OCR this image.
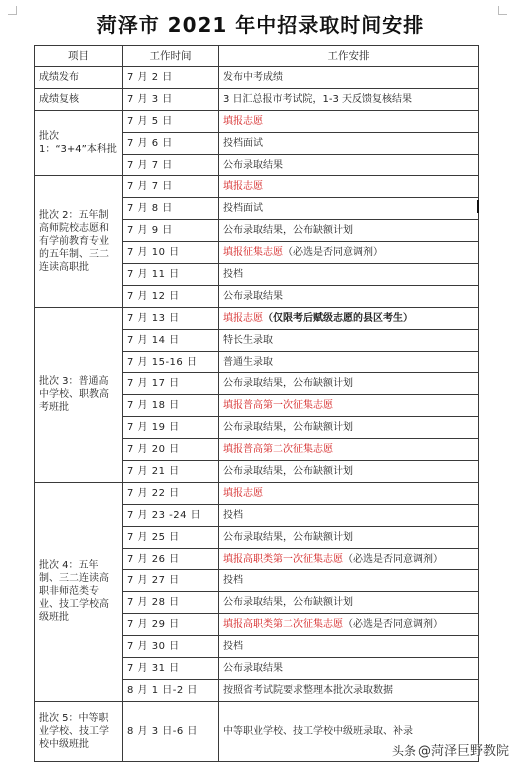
菏泽市 2021 年中招录取时间安排
项目	工作时间	工作安排
成绩发布	7 月 2 日	发布中考成绩
成绩复核	7 月 3 日	3 日汇总报市考试院，1-3 天反馈复核结果
批次 1：“3+4”本科批	7 月 5 日	填报志愿
	7 月 6 日	投档面试
	7 月 7 日	公布录取结果
批次 2：五年制高师院校志愿和有学前教育专业的五年制、三二连读高职批	7 月 7 日	填报志愿
	7 月 8 日	投档面试
	7 月 9 日	公布录取结果，公布缺额计划
	7 月 10 日	填报征集志愿（必选是否同意调剂）
	7 月 11 日	投档
	7 月 12 日	公布录取结果
批次 3：普通高中学校、职教高考班批	7 月 13 日	填报志愿（仅限考后赋级志愿的县区考生）
	7 月 14 日	特长生录取
	7 月 15-16 日	普通生录取
	7 月 17 日	公布录取结果，公布缺额计划
	7 月 18 日	填报普高第一次征集志愿
	7 月 19 日	公布录取结果，公布缺额计划
	7 月 20 日	填报普高第二次征集志愿
	7 月 21 日	公布录取结果，公布缺额计划
批次 4：五年制、三二连读高职非师范类专业、技工学校高级班批	7 月 22 日	填报志愿
	7 月 23 -24 日	投档
	7 月 25 日	公布录取结果，公布缺额计划
	7 月 26 日	填报高职类第一次征集志愿（必选是否同意调剂）
	7 月 27 日	投档
	7 月 28 日	公布录取结果，公布缺额计划
	7 月 29 日	填报高职类第二次征集志愿（必选是否同意调剂）
	7 月 30 日	投档
	7 月 31 日	公布录取结果
	8 月 1 日-2 日	按照省考试院要求整理本批次录取数据
批次 5：中等职业学校、技工学校中级班批	8 月 3 日-6 日	中等职业学校、技工学校中级班录取、补录
头条 @菏泽巨野教院
